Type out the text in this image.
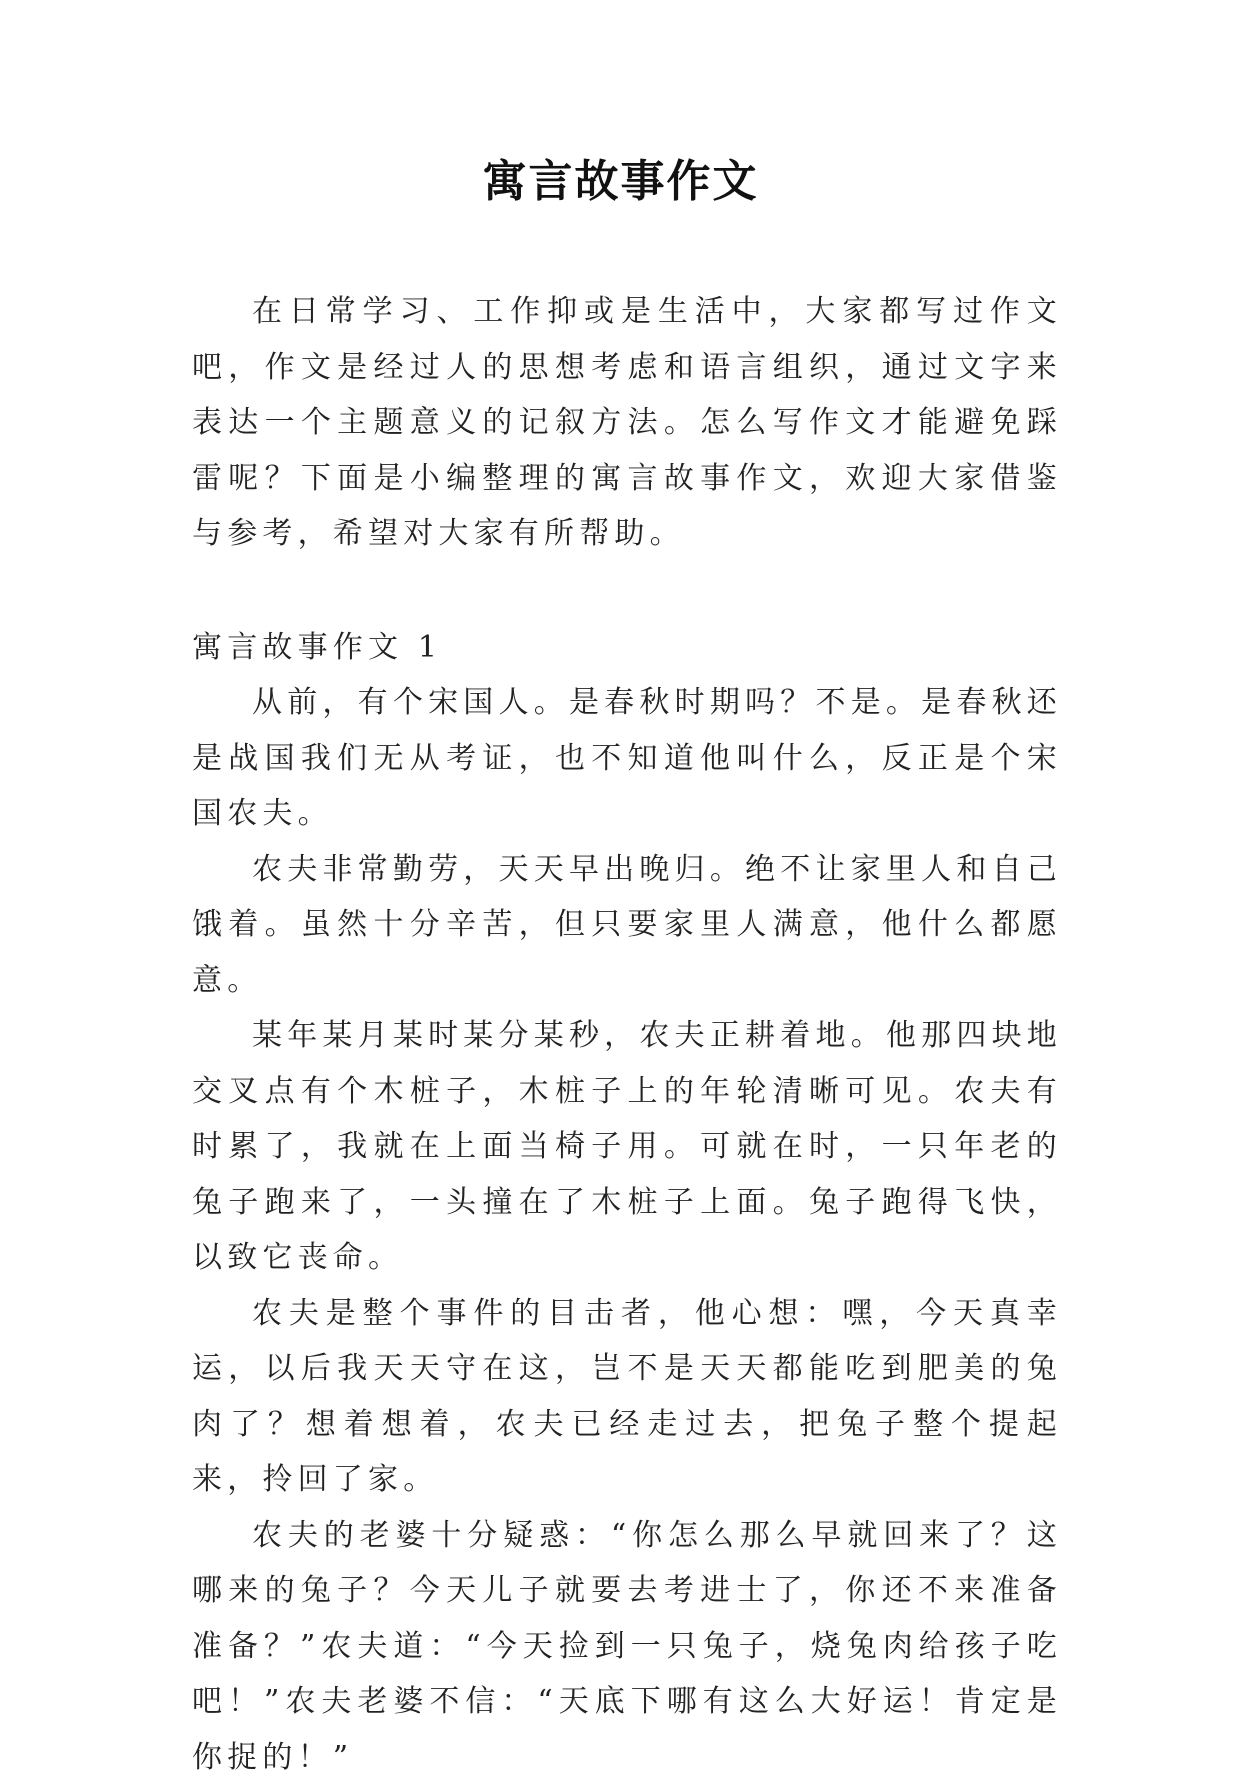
寓言故事作文

在日常学习、工作抑或是生活中，大家都写过作文吧，作文是经过人的思想考虑和语言组织，通过文字来表达一个主题意义的记叙方法。怎么写作文才能避免踩雷呢？下面是小编整理的寓言故事作文，欢迎大家借鉴与参考，希望对大家有所帮助。

寓言故事作文 1

从前，有个宋国人。是春秋时期吗？不是。是春秋还是战国我们无从考证，也不知道他叫什么，反正是个宋国农夫。

农夫非常勤劳，天天早出晚归。绝不让家里人和自己饿着。虽然十分辛苦，但只要家里人满意，他什么都愿意。

某年某月某时某分某秒，农夫正耕着地。他那四块地交叉点有个木桩子，木桩子上的年轮清晰可见。农夫有时累了，我就在上面当椅子用。可就在时，一只年老的兔子跑来了，一头撞在了木桩子上面。兔子跑得飞快，以致它丧命。

农夫是整个事件的目击者，他心想：嘿，今天真幸运，以后我天天守在这，岂不是天天都能吃到肥美的兔肉了？想着想着，农夫已经走过去，把兔子整个提起来，拎回了家。

农夫的老婆十分疑惑：“你怎么那么早就回来了？这哪来的兔子？今天儿子就要去考进士了，你还不来准备准备？”农夫道：“今天捡到一只兔子，烧兔肉给孩子吃吧！”农夫老婆不信：“天底下哪有这么大好运！肯定是你捉的！”
